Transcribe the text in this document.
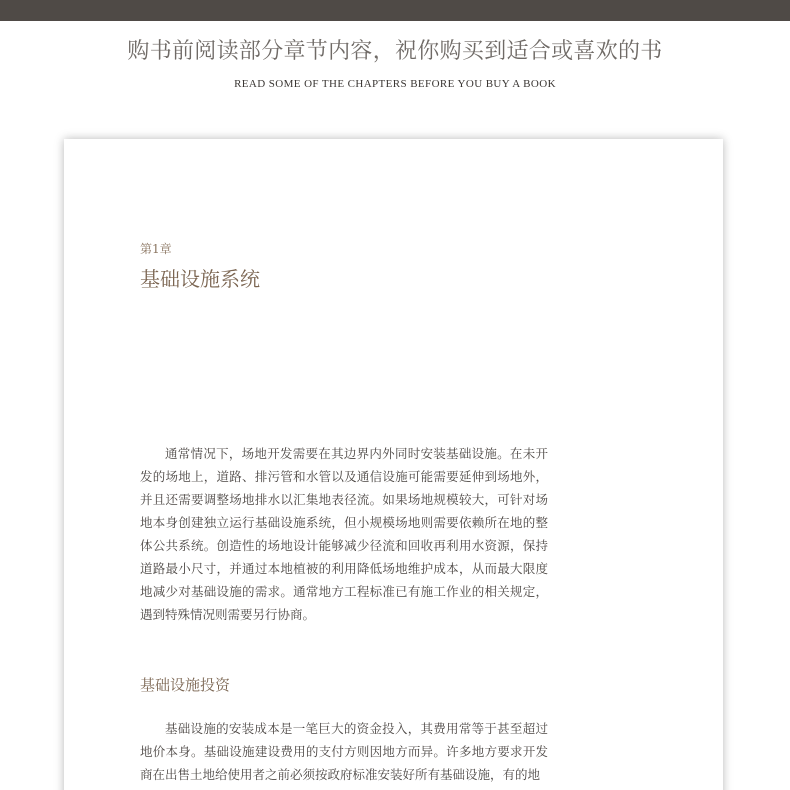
购书前阅读部分章节内容，祝你购买到适合或喜欢的书
READ SOME OF THE CHAPTERS BEFORE YOU BUY A BOOK
第1章
基础设施系统

通常情况下，场地开发需要在其边界内外同时安装基础设施。在未开发的场地上，道路、排污管和水管以及通信设施可能需要延伸到场地外，并且还需要调整场地排水以汇集地表径流。如果场地规模较大，可针对场地本身创建独立运行基础设施系统，但小规模场地则需要依赖所在地的整体公共系统。创造性的场地设计能够减少径流和回收再利用水资源，保持道路最小尺寸，并通过本地植被的利用降低场地维护成本，从而最大限度地减少对基础设施的需求。通常地方工程标准已有施工作业的相关规定，遇到特殊情况则需要另行协商。

基础设施投资

基础设施的安装成本是一笔巨大的资金投入，其费用常等于甚至超过地价本身。基础设施建设费用的支付方则因地方而异。许多地方要求开发商在出售土地给使用者之前必须按政府标准安装好所有基础设施，有的地
